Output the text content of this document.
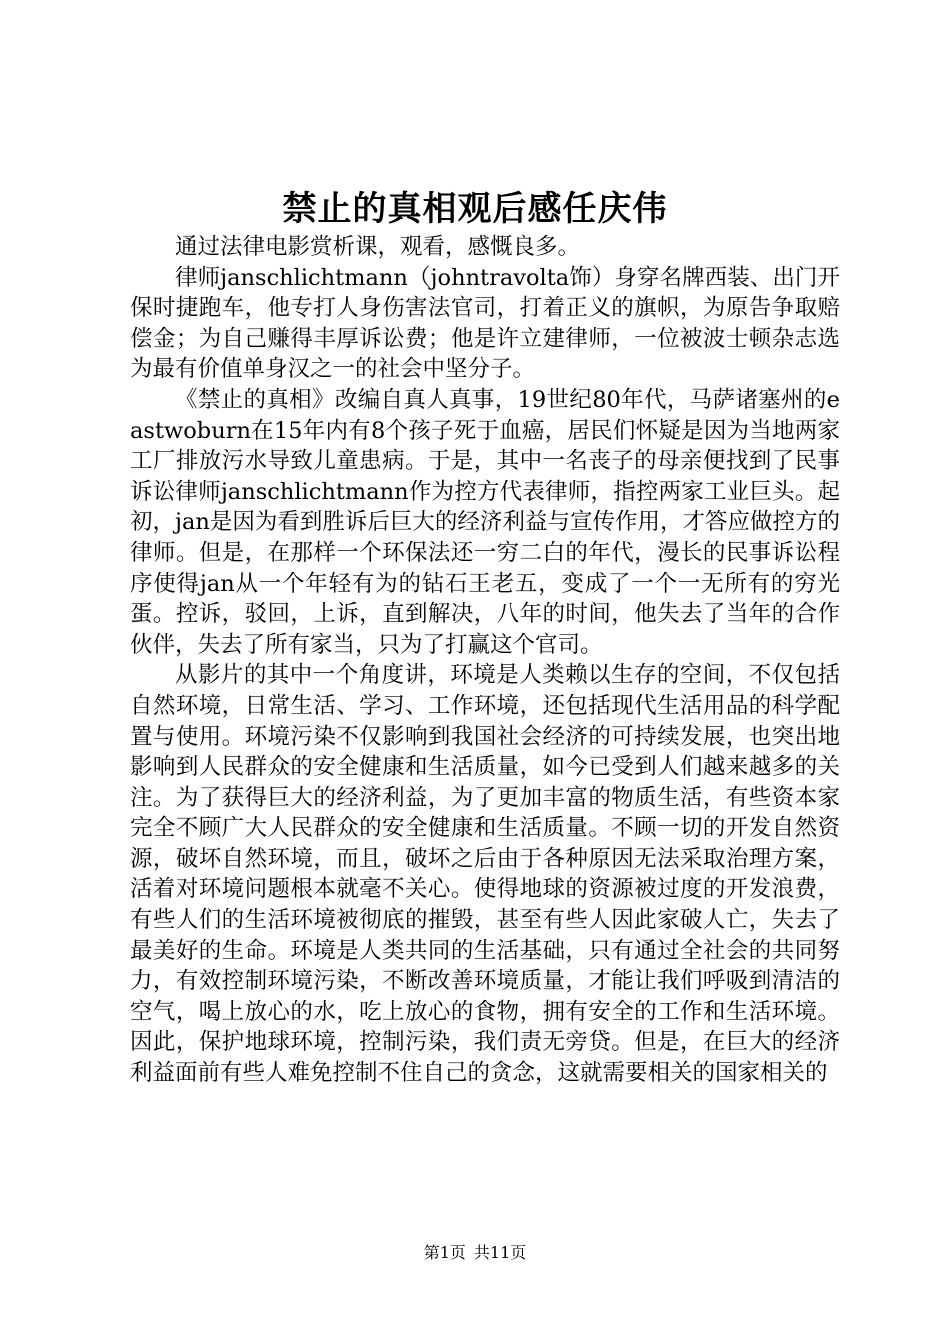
禁止的真相观后感任庆伟

通过法律电影赏析课，观看，感慨良多。

律师janschlichtmann（johntravolta饰）身穿名牌西装、出门开保时捷跑车，他专打人身伤害法官司，打着正义的旗帜，为原告争取赔偿金；为自己赚得丰厚诉讼费；他是许立建律师，一位被波士顿杂志选为最有价值单身汉之一的社会中坚分子。

《禁止的真相》改编自真人真事，19世纪80年代，马萨诸塞州的eastwoburn在15年内有8个孩子死于血癌，居民们怀疑是因为当地两家工厂排放污水导致儿童患病。于是，其中一名丧子的母亲便找到了民事诉讼律师janschlichtmann作为控方代表律师，指控两家工业巨头。起初，jan是因为看到胜诉后巨大的经济利益与宣传作用，才答应做控方的律师。但是，在那样一个环保法还一穷二白的年代，漫长的民事诉讼程序使得jan从一个年轻有为的钻石王老五，变成了一个一无所有的穷光蛋。控诉，驳回，上诉，直到解决，八年的时间，他失去了当年的合作伙伴，失去了所有家当，只为了打赢这个官司。

从影片的其中一个角度讲，环境是人类赖以生存的空间，不仅包括自然环境，日常生活、学习、工作环境，还包括现代生活用品的科学配置与使用。环境污染不仅影响到我国社会经济的可持续发展，也突出地影响到人民群众的安全健康和生活质量，如今已受到人们越来越多的关注。为了获得巨大的经济利益，为了更加丰富的物质生活，有些资本家完全不顾广大人民群众的安全健康和生活质量。不顾一切的开发自然资源，破坏自然环境，而且，破坏之后由于各种原因无法采取治理方案，活着对环境问题根本就毫不关心。使得地球的资源被过度的开发浪费，有些人们的生活环境被彻底的摧毁，甚至有些人因此家破人亡，失去了最美好的生命。环境是人类共同的生活基础，只有通过全社会的共同努力，有效控制环境污染，不断改善环境质量，才能让我们呼吸到清洁的空气，喝上放心的水，吃上放心的食物，拥有安全的工作和生活环境。因此，保护地球环境，控制污染，我们责无旁贷。但是，在巨大的经济利益面前有些人难免控制不住自己的贪念，这就需要相关的国家相关的

第1页 共11页
